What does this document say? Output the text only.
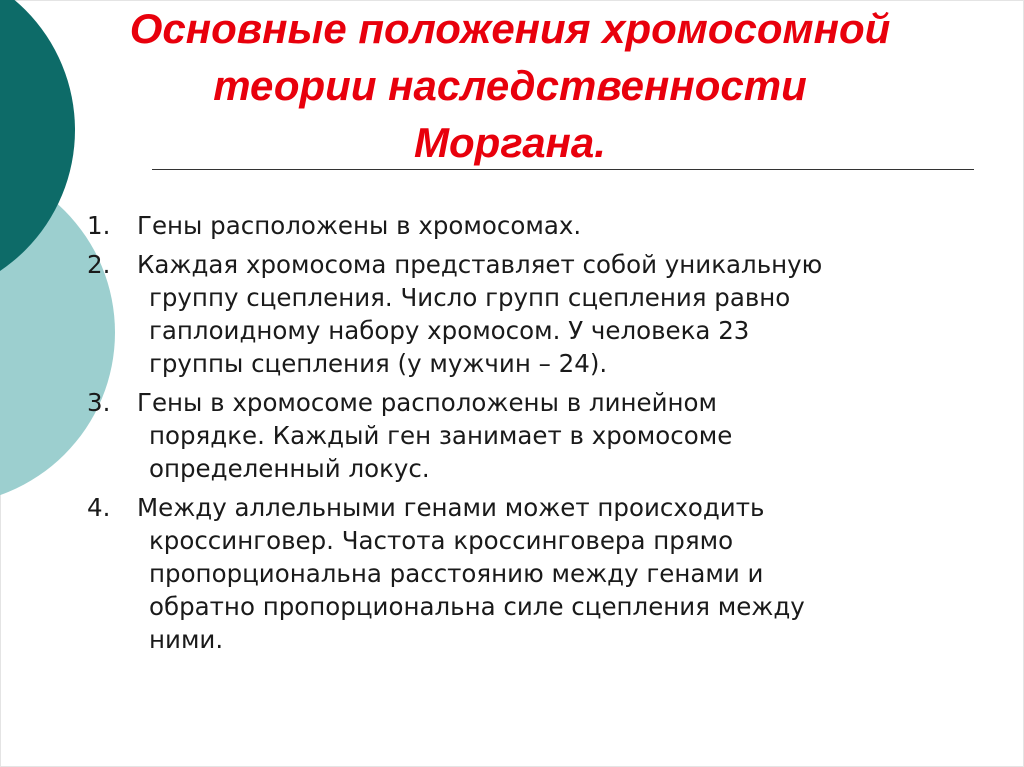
Основные положения хромосомной
теории наследственности
Моргана.
1.	Гены расположены в хромосомах.
2.	Каждая хромосома представляет собой уникальную
группу сцепления. Число групп сцепления равно
гаплоидному набору хромосом. У человека 23
группы сцепления (у мужчин – 24).
3.	Гены в хромосоме расположены в линейном
порядке. Каждый ген занимает в хромосоме
определенный локус.
4.	Между аллельными генами может происходить
кроссинговер. Частота кроссинговера прямо
пропорциональна расстоянию между генами и
обратно пропорциональна силе сцепления между
ними.
